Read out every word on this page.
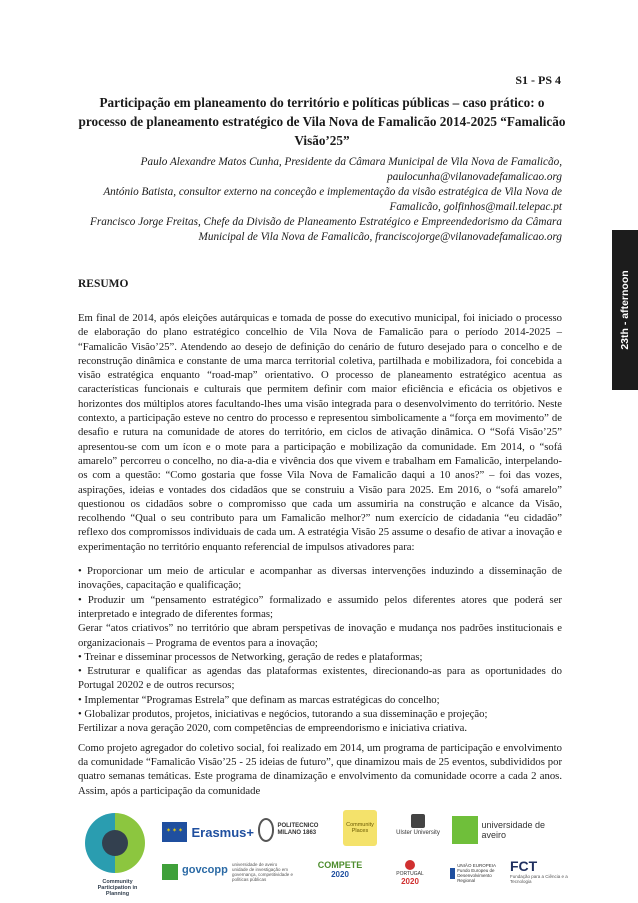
S1 - PS 4
23th - afternoon
Participação em planeamento do território e políticas públicas – caso prático: o processo de planeamento estratégico de Vila Nova de Famalicão 2014-2025 “Famalicão Visão’25”

Paulo Alexandre Matos Cunha, Presidente da Câmara Municipal de Vila Nova de Famalicão, paulocunha@vilanovadefamalicao.org

António Batista, consultor externo na conceção e implementação da visão estratégica de Vila Nova de Famalicão, golfinhos@mail.telepac.pt

Francisco Jorge Freitas, Chefe da Divisão de Planeamento Estratégico e Empreendedorismo da Câmara Municipal de Vila Nova de Famalicão, franciscojorge@vilanovadefamalicao.org

RESUMO

Em final de 2014, após eleições autárquicas e tomada de posse do executivo municipal, foi iniciado o processo de elaboração do plano estratégico concelhio de Vila Nova de Famalicão para o período 2014-2025 – “Famalicão Visão’25”. Atendendo ao desejo de definição do cenário de futuro desejado para o concelho e de reconstrução dinâmica e constante de uma marca territorial coletiva, partilhada e mobilizadora, foi concebida a visão estratégica enquanto “road-map” orientativo. O processo de planeamento estratégico acentua as características funcionais e culturais que permitem definir com maior eficiência e eficácia os objetivos e horizontes dos múltiplos atores facultando-lhes uma visão integrada para o desenvolvimento do território. Neste contexto, a participação esteve no centro do processo e representou simbolicamente a “força em movimento” de desafio e rutura na comunidade de atores do território, em ciclos de ativação dinâmica. O “Sofá Visão’25” apresentou-se com um ícon e o mote para a participação e mobilização da comunidade. Em 2014, o “sofá amarelo” percorreu o concelho, no dia-a-dia e vivência dos que vivem e trabalham em Famalicão, interpelando-os com a questão: “Como gostaria que fosse Vila Nova de Famalicão daqui a 10 anos?” – foi das vozes, aspirações, ideias e vontades dos cidadãos que se construiu a Visão para 2025. Em 2016, o “sofá amarelo” questionou os cidadãos sobre o compromisso que cada um assumiria na construção e alcance da Visão, recolhendo “Qual o seu contributo para um Famalicão melhor?” num exercício de cidadania “eu cidadão” reflexo dos compromissos individuais de cada um. A estratégia Visão 25 assume o desafio de ativar a inovação e experimentação no território enquanto referencial de impulsos ativadores para:

• Proporcionar um meio de articular e acompanhar as diversas intervenções induzindo a disseminação de inovações, capacitação e qualificação;

• Produzir um “pensamento estratégico” formalizado e assumido pelos diferentes atores que poderá ser interpretado e integrado de diferentes formas;

Gerar “atos criativos” no território que abram perspetivas de inovação e mudança nos padrões institucionais e organizacionais – Programa de eventos para a inovação;

• Treinar e disseminar processos de Networking, geração de redes e plataformas;

• Estruturar e qualificar as agendas das plataformas existentes, direcionando-as para as oportunidades do Portugal 20202 e de outros recursos;

• Implementar “Programas Estrela” que definam as marcas estratégicas do concelho;

• Globalizar produtos, projetos, iniciativas e negócios, tutorando a sua disseminação e projeção;

Fertilizar a nova geração 2020, com competências de empreendorismo e iniciativa criativa.

Como projeto agregador do coletivo social, foi realizado em 2014, um programa de participação e envolvimento da comunidade “Famalicão Visão’25 - 25 ideias de futuro”, que dinamizou mais de 25 eventos, subdivididos por quatro semanas temáticas. Este programa de dinamização e envolvimento da comunidade ocorre a cada 2 anos. Assim, após a participação da comunidade

Community Participation in Planning
✶✶✶
Erasmus+	POLITECNICO MILANO 1863
Community Places	Ulster University
universidade de aveiro
govcopp universidade de aveiro unidade de investigação em governança, competitividade e políticas públicas
COMPETE
2020	PORTUGAL
2020
UNIÃO EUROPEIA Fundo Europeu de Desenvolvimento Regional
FCT
Fundação para a Ciência e a Tecnologia
